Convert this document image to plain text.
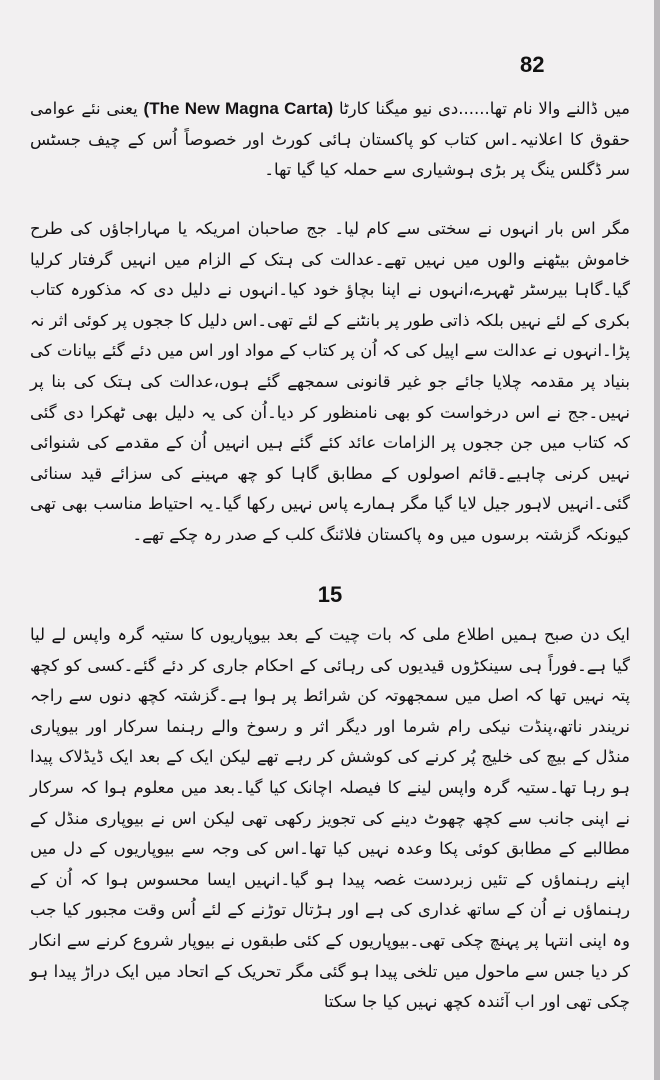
82
میں ڈالنے والا نام تھا......دی نیو میگنا کارٹا (The New Magna Carta) یعنی نئے عوامی حقوق کا اعلانیہ۔اس کتاب کو پاکستان ہائی کورٹ اور خصوصاً اُس کے چیف جسٹس سر ڈگلس ینگ پر بڑی ہوشیاری سے حملہ کیا گیا تھا۔
مگر اس بار انہوں نے سختی سے کام لیا۔ جج صاحبان امریکہ یا مہاراجاؤں کی طرح خاموش بیٹھنے والوں میں نہیں تھے۔عدالت کی ہتک کے الزام میں انہیں گرفتار کرلیا گیا۔گاہا بیرسٹر ٹھہرے،انہوں نے اپنا بچاؤ خود کیا۔انہوں نے دلیل دی کہ مذکورہ کتاب بکری کے لئے نہیں بلکہ ذاتی طور پر بانٹنے کے لئے تھی۔اس دلیل کا ججوں پر کوئی اثر نہ پڑا۔انہوں نے عدالت سے اپیل کی کہ اُن پر کتاب کے مواد اور اس میں دئے گئے بیانات کی بنیاد پر مقدمہ چلایا جائے جو غیر قانونی سمجھے گئے ہوں،عدالت کی ہتک کی بنا پر نہیں۔جج نے اس درخواست کو بھی نامنظور کر دیا۔اُن کی یہ دلیل بھی ٹھکرا دی گئی کہ کتاب میں جن ججوں پر الزامات عائد کئے گئے ہیں انہیں اُن کے مقدمے کی شنوائی نہیں کرنی چاہیے۔قائم اصولوں کے مطابق گاہا کو چھ مہینے کی سزائے قید سنائی گئی۔انہیں لاہور جیل لایا گیا مگر ہمارے پاس نہیں رکھا گیا۔یہ احتیاط مناسب بھی تھی کیونکہ گزشتہ برسوں میں وہ پاکستان فلائنگ کلب کے صدر رہ چکے تھے۔
15
ایک دن صبح ہمیں اطلاع ملی کہ بات چیت کے بعد بیوپاریوں کا ستیہ گرہ واپس لے لیا گیا ہے۔فوراً ہی سینکڑوں قیدیوں کی رہائی کے احکام جاری کر دئے گئے۔کسی کو کچھ پتہ نہیں تھا کہ اصل میں سمجھوتہ کن شرائط پر ہوا ہے۔گزشتہ کچھ دنوں سے راجہ نریندر ناتھ،پنڈت نیکی رام شرما اور دیگر اثر و رسوخ والے رہنما سرکار اور بیوپاری منڈل کے بیچ کی خلیج پُر کرنے کی کوشش کر رہے تھے لیکن ایک کے بعد ایک ڈیڈلاک پیدا ہو رہا تھا۔ستیہ گرہ واپس لینے کا فیصلہ اچانک کیا گیا۔بعد میں معلوم ہوا کہ سرکار نے اپنی جانب سے کچھ چھوٹ دینے کی تجویز رکھی تھی لیکن اس نے بیوپاری منڈل کے مطالبے کے مطابق کوئی پکا وعدہ نہیں کیا تھا۔اس کی وجہ سے بیوپاریوں کے دل میں اپنے رہنماؤں کے تئیں زبردست غصہ پیدا ہو گیا۔انہیں ایسا محسوس ہوا کہ اُن کے رہنماؤں نے اُن کے ساتھ غداری کی ہے اور ہڑتال توڑنے کے لئے اُس وقت مجبور کیا جب وہ اپنی انتہا پر پہنچ چکی تھی۔بیوپاریوں کے کئی طبقوں نے بیوپار شروع کرنے سے انکار کر دیا جس سے ماحول میں تلخی پیدا ہو گئی مگر تحریک کے اتحاد میں ایک دراڑ پیدا ہو چکی تھی اور اب آئندہ کچھ نہیں کیا جا سکتا
